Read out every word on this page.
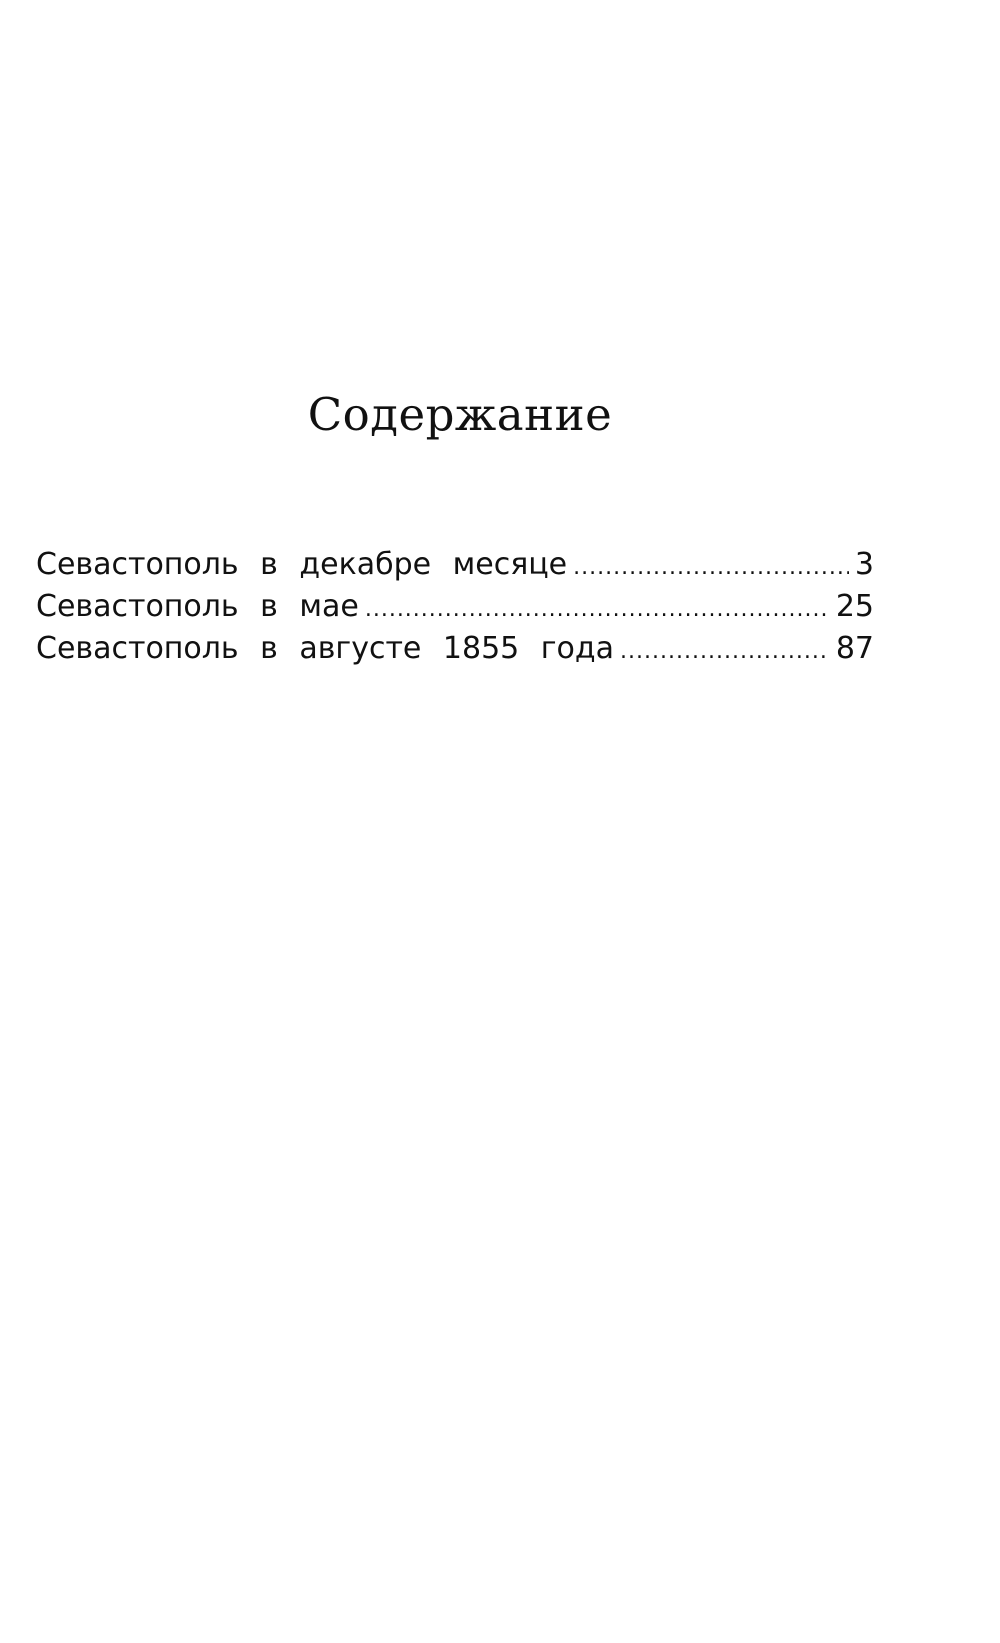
Содержание
Севастополь в декабре месяце .....	3
Севастополь в мае .....	25
Севастополь в августе 1855 года .....	87
